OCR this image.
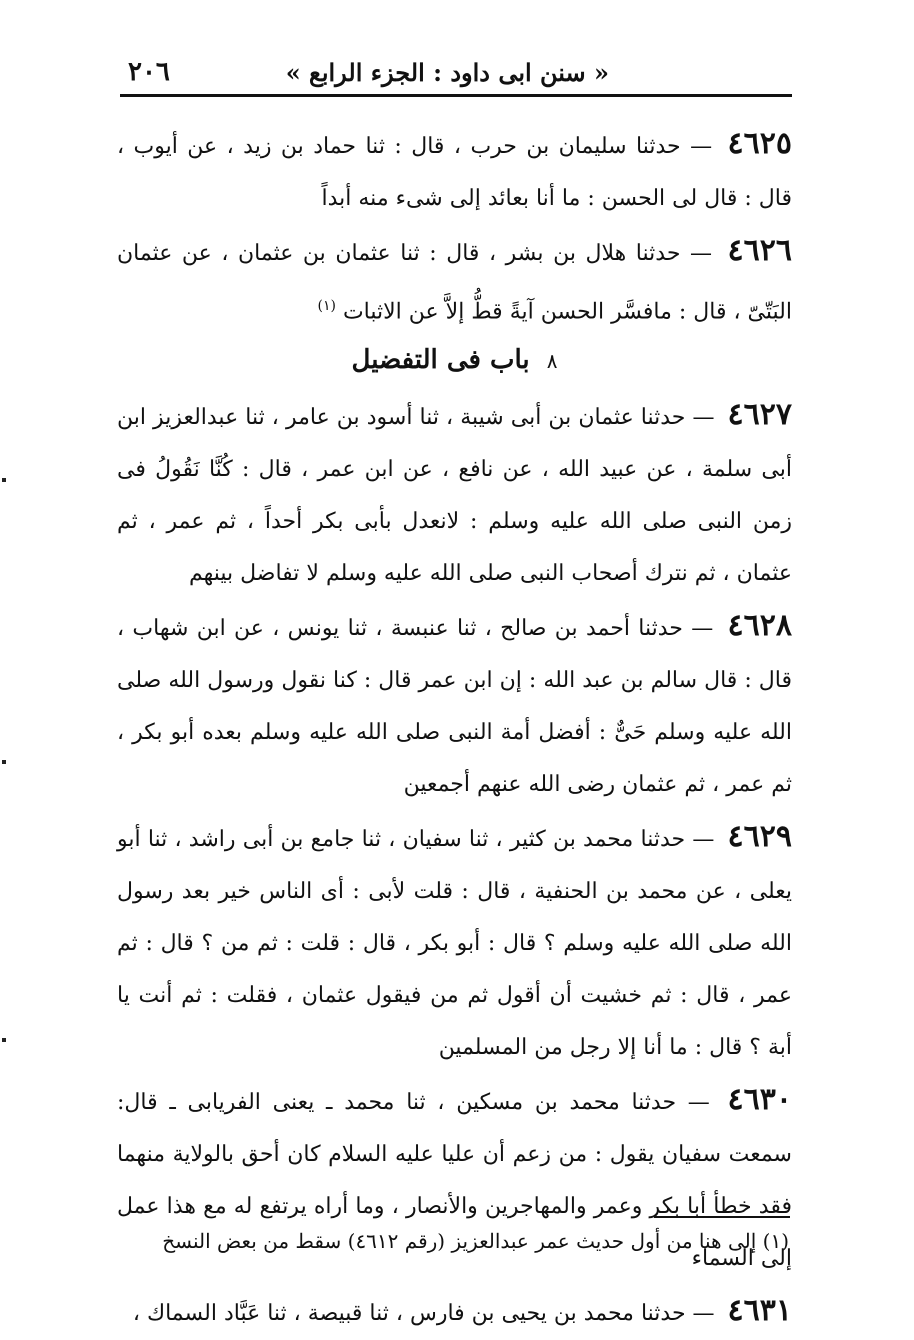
« سنن ابى داود : الجزء الرابع »
٢٠٦

٤٦٢٥ — حدثنا سليمان بن حرب ، قال : ثنا حماد بن زيد ، عن أيوب ، قال : قال لى الحسن : ما أنا بعائد إلى شىء منه أبداً

٤٦٢٦ — حدثنا هلال بن بشر ، قال : ثنا عثمان بن عثمان ، عن عثمان البَتّىّ ، قال : مافسَّر الحسن آيةً قطُّ إلاَّ عن الاثبات $^{(١)}$

٨ باب فى التفضيل

٤٦٢٧ — حدثنا عثمان بن أبى شيبة ، ثنا أسود بن عامر ، ثنا عبدالعزيز ابن أبى سلمة ، عن عبيد الله ، عن نافع ، عن ابن عمر ، قال : كُنَّا نَقُولُ فى زمن النبى صلى الله عليه وسلم : لانعدل بأبى بكر أحداً ، ثم عمر ، ثم عثمان ، ثم نترك أصحاب النبى صلى الله عليه وسلم لا تفاضل بينهم

٤٦٢٨ — حدثنا أحمد بن صالح ، ثنا عنبسة ، ثنا يونس ، عن ابن شهاب ، قال : قال سالم بن عبد الله : إن ابن عمر قال : كنا نقول ورسول الله صلى الله عليه وسلم حَىٌّ : أفضل أمة النبى صلى الله عليه وسلم بعده أبو بكر ، ثم عمر ، ثم عثمان رضى الله عنهم أجمعين

٤٦٢٩ — حدثنا محمد بن كثير ، ثنا سفيان ، ثنا جامع بن أبى راشد ، ثنا أبو يعلى ، عن محمد بن الحنفية ، قال : قلت لأبى : أى الناس خير بعد رسول الله صلى الله عليه وسلم ؟ قال : أبو بكر ، قال : قلت : ثم من ؟ قال : ثم عمر ، قال : ثم خشيت أن أقول ثم من فيقول عثمان ، فقلت : ثم أنت يا أبة ؟ قال : ما أنا إلا رجل من المسلمين

٤٦٣٠ — حدثنا محمد بن مسكين ، ثنا محمد ـ يعنى الفريابى ـ قال: سمعت سفيان يقول : من زعم أن عليا عليه السلام كان أحق بالولاية منهما فقد خطأ أبا بكر وعمر والمهاجرين والأنصار ، وما أراه يرتفع له مع هذا عمل إلى السماء

٤٦٣١ — حدثنا محمد بن يحيى بن فارس ، ثنا قبيصة ، ثنا عَبَّاد السماك ،

(١) إلى هنا من أول حديث عمر عبدالعزيز (رقم ٤٦١٢) سقط من بعض النسخ
